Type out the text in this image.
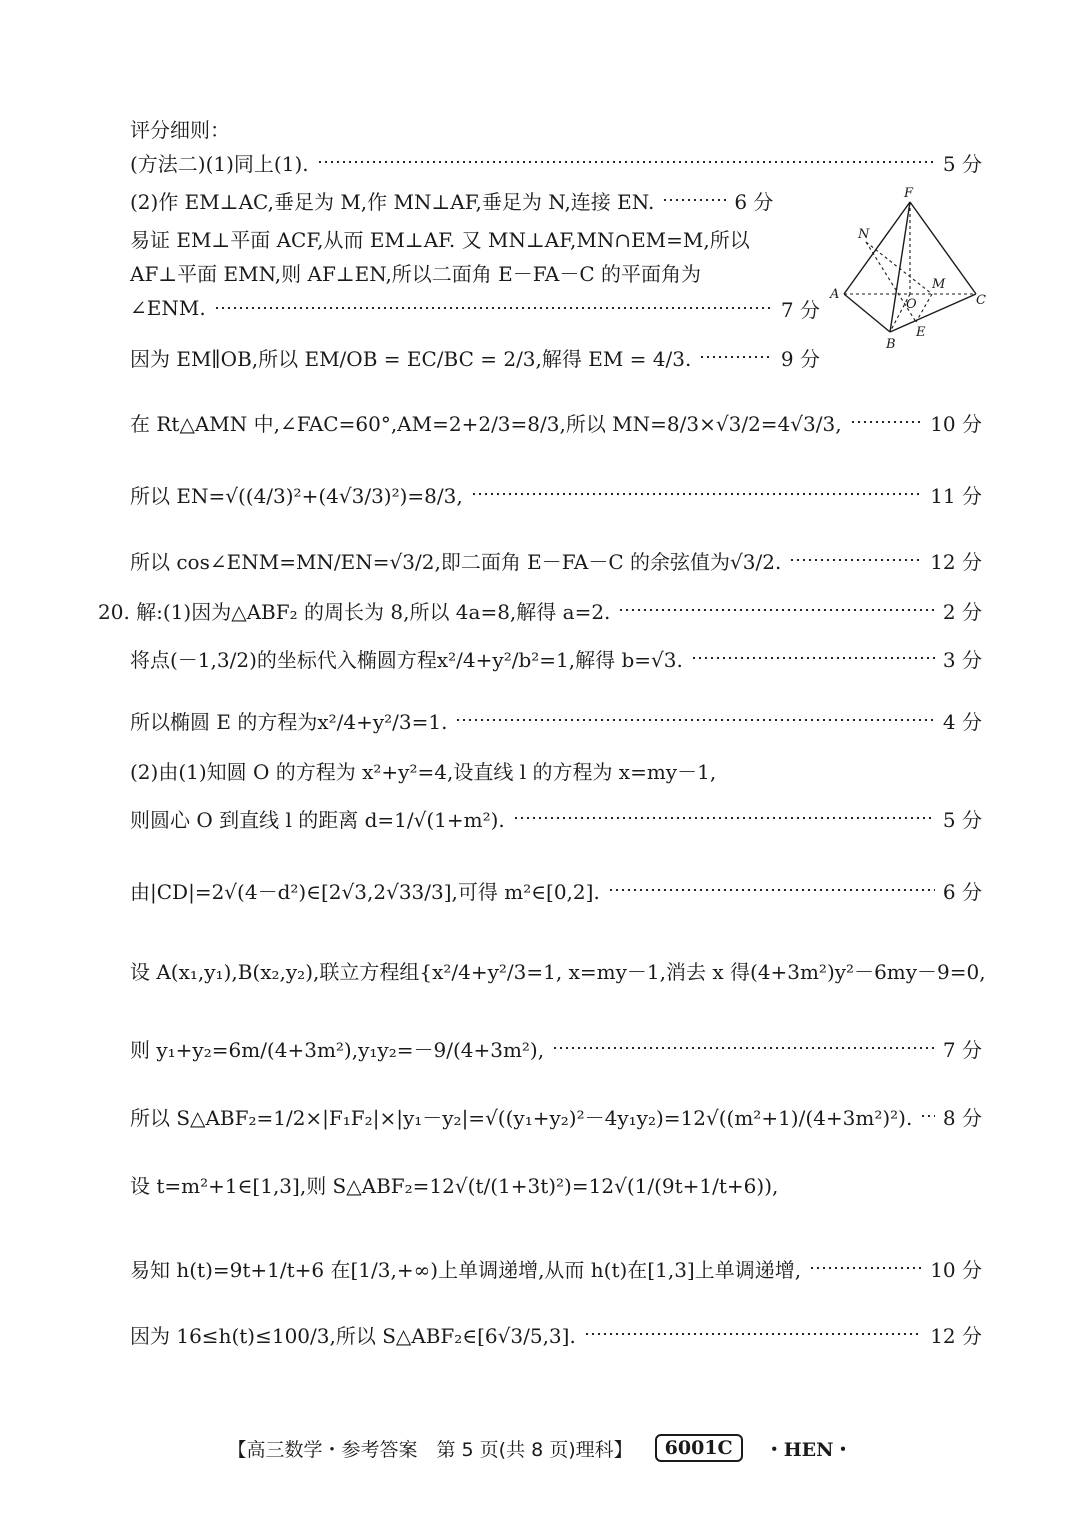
评分细则：
(方法二)(1)同上(1).	5 分
(2)作 EM⊥AC,垂足为 M,作 MN⊥AF,垂足为 N,连接 EN.	6 分
易证 EM⊥平面 ACF,从而 EM⊥AF. 又 MN⊥AF,MN∩EM=M,所以
AF⊥平面 EMN,则 AF⊥EN,所以二面角 E－FA－C 的平面角为
∠ENM.	7 分
因为 EM∥OB,所以 EM/OB = EC/BC = 2/3,解得 EM = 4/3.	9 分
在 Rt△AMN 中,∠FAC=60°,AM=2+2/3=8/3,所以 MN=8/3×√3/2=4√3/3,	10 分
所以 EN=√((4/3)²+(4√3/3)²)=8/3,	11 分
所以 cos∠ENM=MN/EN=√3/2,即二面角 E－FA－C 的余弦值为√3/2.	12 分
20. 解:(1)因为△ABF₂ 的周长为 8,所以 4a=8,解得 a=2.	2 分
将点(－1,3/2)的坐标代入椭圆方程x²/4+y²/b²=1,解得 b=√3.	3 分
所以椭圆 E 的方程为x²/4+y²/3=1.	4 分
(2)由(1)知圆 O 的方程为 x²+y²=4,设直线 l 的方程为 x=my－1,
则圆心 O 到直线 l 的距离 d=1/√(1+m²).	5 分
由|CD|=2√(4－d²)∈[2√3,2√33/3],可得 m²∈[0,2].	6 分
设 A(x₁,y₁),B(x₂,y₂),联立方程组{x²/4+y²/3=1, x=my－1,消去 x 得(4+3m²)y²－6my－9=0,
则 y₁+y₂=6m/(4+3m²),y₁y₂=－9/(4+3m²),	7 分
所以 S△ABF₂=1/2×|F₁F₂|×|y₁－y₂|=√((y₁+y₂)²－4y₁y₂)=12√((m²+1)/(4+3m²)²). 8 分
设 t=m²+1∈[1,3],则 S△ABF₂=12√(t/(1+3t)²)=12√(1/(9t+1/t+6)),
易知 h(t)=9t+1/t+6 在[1/3,+∞)上单调递增,从而 h(t)在[1,3]上单调递增,	10 分
因为 16≤h(t)≤100/3,所以 S△ABF₂∈[6√3/5,3].	12 分
F
N
A
O
M
C
B
E
【高三数学・参考答案　第 5 页(共 8 页)理科】	6001C	・HEN・
